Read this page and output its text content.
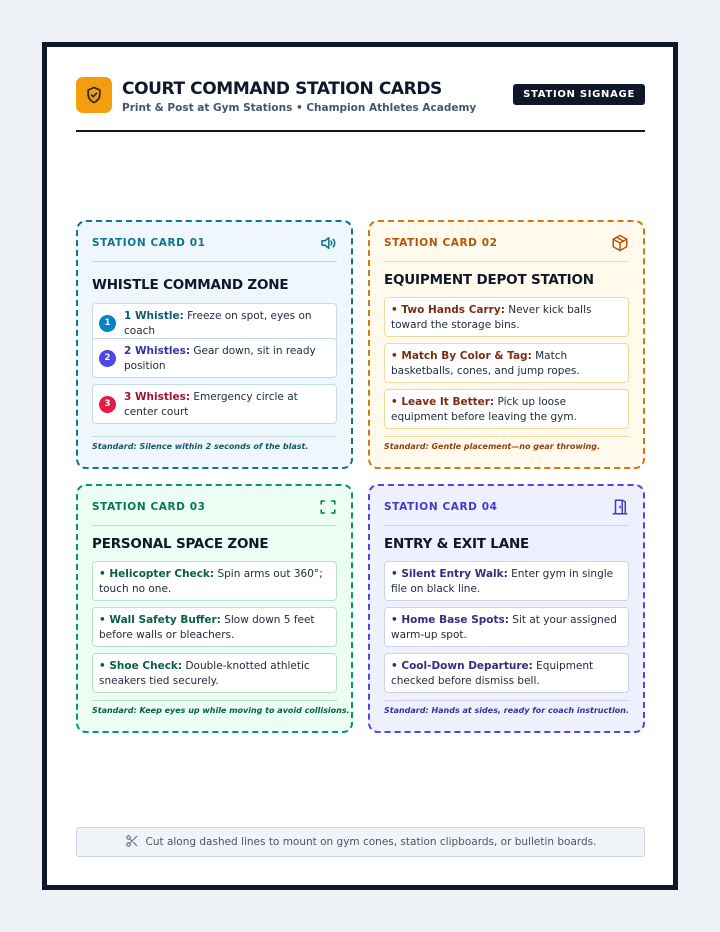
COURT COMMAND STATION CARDS
Print & Post at Gym Stations • Champion Athletes Academy
STATION SIGNAGE
STATION CARD 01
WHISTLE COMMAND ZONE
1
1 Whistle: Freeze on spot, eyes on coach
2
2 Whistles: Gear down, sit in ready position
3
3 Whistles: Emergency circle at center court
Standard: Silence within 2 seconds of the blast.
STATION CARD 02
EQUIPMENT DEPOT STATION
• Two Hands Carry: Never kick balls toward the storage bins.
• Match By Color & Tag: Match basketballs, cones, and jump ropes.
• Leave It Better: Pick up loose equipment before leaving the gym.
Standard: Gentle placement—no gear throwing.
STATION CARD 03
PERSONAL SPACE ZONE
• Helicopter Check: Spin arms out 360°; touch no one.
• Wall Safety Buffer: Slow down 5 feet before walls or bleachers.
• Shoe Check: Double-knotted athletic sneakers tied securely.
Standard: Keep eyes up while moving to avoid collisions.
STATION CARD 04
ENTRY & EXIT LANE
• Silent Entry Walk: Enter gym in single file on black line.
• Home Base Spots: Sit at your assigned warm-up spot.
• Cool-Down Departure: Equipment checked before dismiss bell.
Standard: Hands at sides, ready for coach instruction.
Cut along dashed lines to mount on gym cones, station clipboards, or bulletin boards.
